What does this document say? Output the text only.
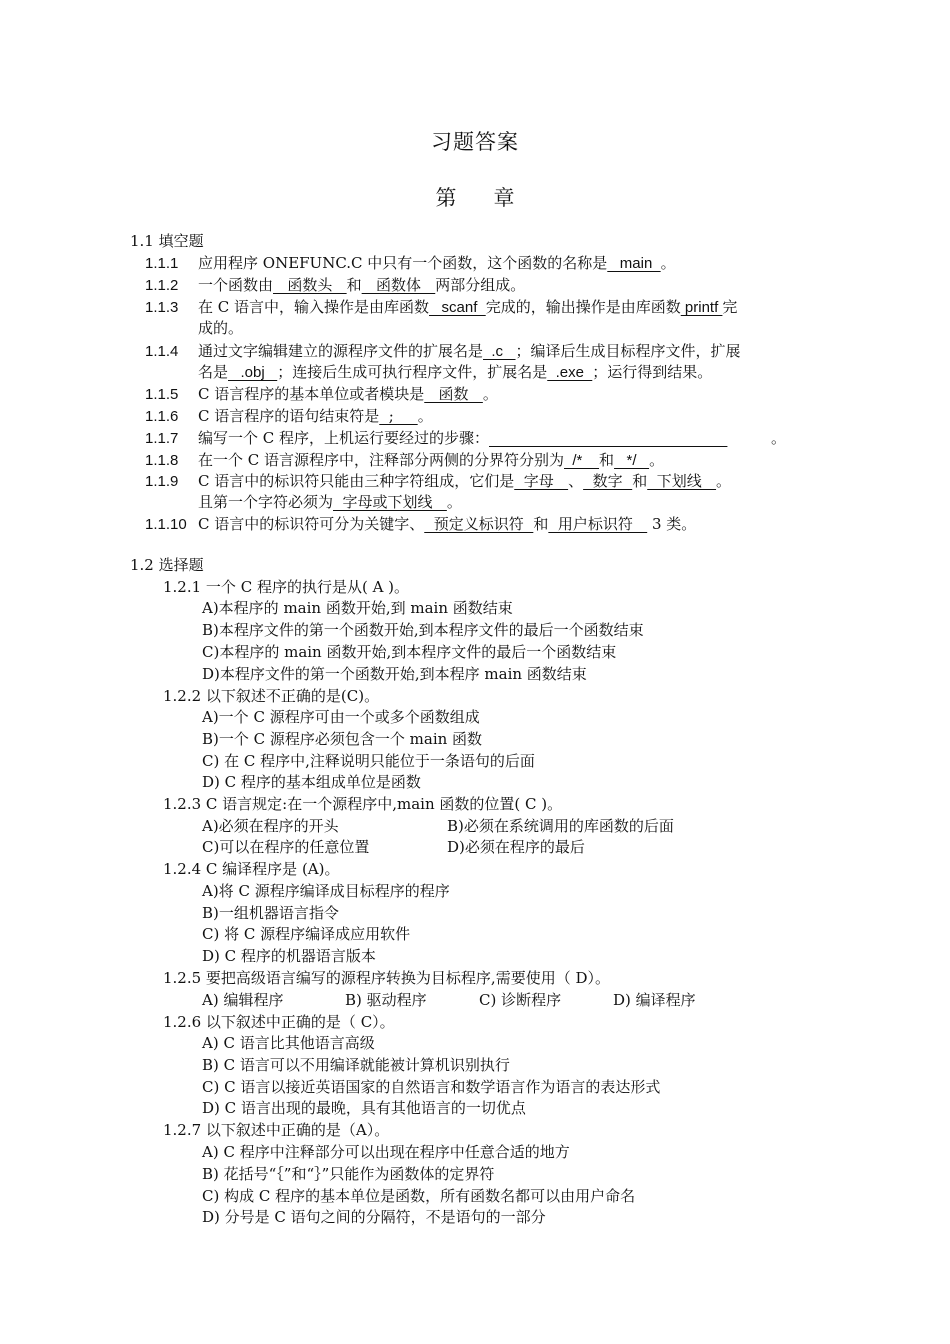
习题答案
第 章
1.1 填空题
1.1.1 应用程序 ONEFUNC.C 中只有一个函数，这个函数的名称是   main  。
1.1.2 一个函数由   函数头   和   函数体   两部分组成。
1.1.3 在 C 语言中，输入操作是由库函数   scanf  完成的，输出操作是由库函数 printf 完
成的。
1.1.4 通过文字编辑建立的源程序文件的扩展名是  .c   ；编译后生成目标程序文件，扩展
名是   .obj   ；连接后生成可执行程序文件，扩展名是  .exe  ；运行得到结果。
1.1.5 C 语言程序的基本单位或者模块是   函数   。
1.1.6 C 语言程序的语句结束符是  ;     。
1.1.7 编写一个 C 程序，上机运行要经过的步骤：	。
1.1.8 在一个 C 语言源程序中，注释部分两侧的分界符分别为  /*    和   */   。
1.1.9 C 语言中的标识符只能由三种字符组成，它们是  字母   、  数字  和  下划线   。
且第一个字符必须为  字母或下划线   。
1.1.10 C 语言中的标识符可分为关键字、  预定义标识符  和  用户标识符    3 类。
1.2 选择题
1.2.1 一个 C 程序的执行是从( A )。
A)本程序的 main 函数开始,到 main 函数结束
B)本程序文件的第一个函数开始,到本程序文件的最后一个函数结束
C)本程序的 main 函数开始,到本程序文件的最后一个函数结束
D)本程序文件的第一个函数开始,到本程序 main 函数结束
1.2.2 以下叙述不正确的是(C)。
A)一个 C 源程序可由一个或多个函数组成
B)一个 C 源程序必须包含一个 main 函数
C) 在 C 程序中,注释说明只能位于一条语句的后面
D) C 程序的基本组成单位是函数
1.2.3 C 语言规定:在一个源程序中,main 函数的位置( C )。
A)必须在程序的开头	B)必须在系统调用的库函数的后面
C)可以在程序的任意位置	D)必须在程序的最后
1.2.4 C 编译程序是 (A)。
A)将 C 源程序编译成目标程序的程序
B)一组机器语言指令
C) 将 C 源程序编译成应用软件
D) C 程序的机器语言版本
1.2.5 要把高级语言编写的源程序转换为目标程序,需要使用（ D）。
A) 编辑程序	B) 驱动程序	C) 诊断程序	D) 编译程序
1.2.6 以下叙述中正确的是（ C）。
A) C 语言比其他语言高级
B) C 语言可以不用编译就能被计算机识别执行
C) C 语言以接近英语国家的自然语言和数学语言作为语言的表达形式
D) C 语言出现的最晚，具有其他语言的一切优点
1.2.7 以下叙述中正确的是（A）。
A) C 程序中注释部分可以出现在程序中任意合适的地方
B) 花括号“｛”和“｝”只能作为函数体的定界符
C) 构成 C 程序的基本单位是函数，所有函数名都可以由用户命名
D) 分号是 C 语句之间的分隔符，不是语句的一部分
